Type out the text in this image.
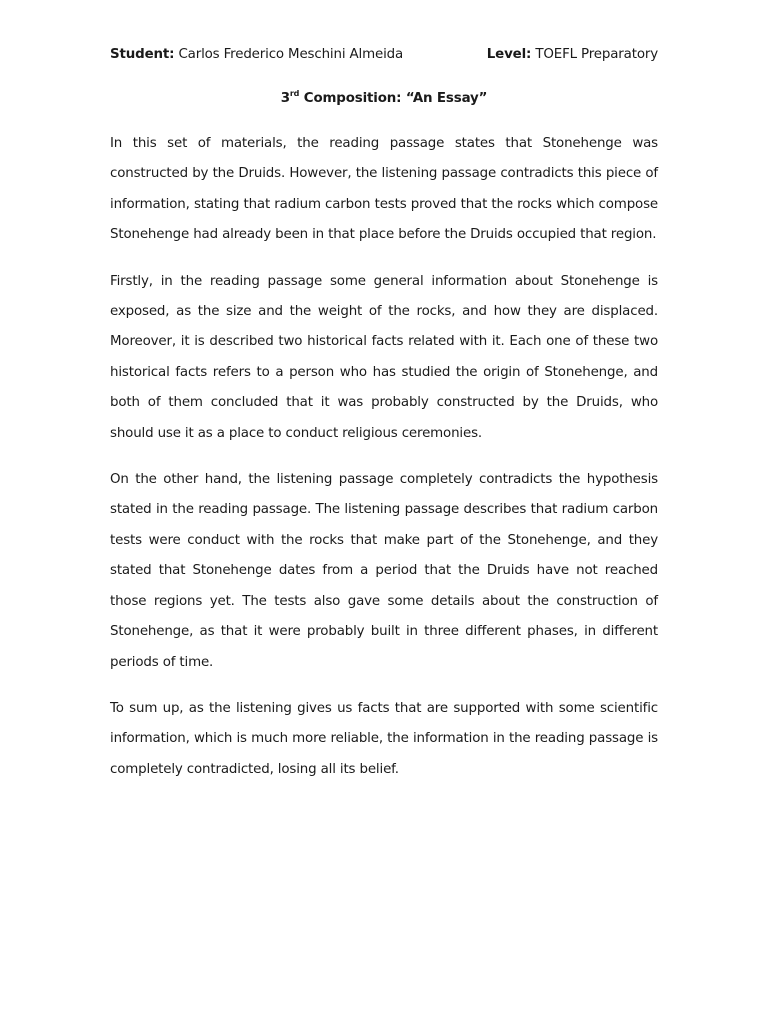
Student: Carlos Frederico Meschini Almeida	Level: TOEFL Preparatory
3rd Composition: “An Essay”

In this set of materials, the reading passage states that Stonehenge was constructed by the Druids. However, the listening passage contradicts this piece of information, stating that radium carbon tests proved that the rocks which compose Stonehenge had already been in that place before the Druids occupied that region.

Firstly, in the reading passage some general information about Stonehenge is exposed, as the size and the weight of the rocks, and how they are displaced. Moreover, it is described two historical facts related with it. Each one of these two historical facts refers to a person who has studied the origin of Stonehenge, and both of them concluded that it was probably constructed by the Druids, who should use it as a place to conduct religious ceremonies.

On the other hand, the listening passage completely contradicts the hypothesis stated in the reading passage. The listening passage describes that radium carbon tests were conduct with the rocks that make part of the Stonehenge, and they stated that Stonehenge dates from a period that the Druids have not reached those regions yet. The tests also gave some details about the construction of Stonehenge, as that it were probably built in three different phases, in different periods of time.

To sum up, as the listening gives us facts that are supported with some scientific information, which is much more reliable, the information in the reading passage is completely contradicted, losing all its belief.
